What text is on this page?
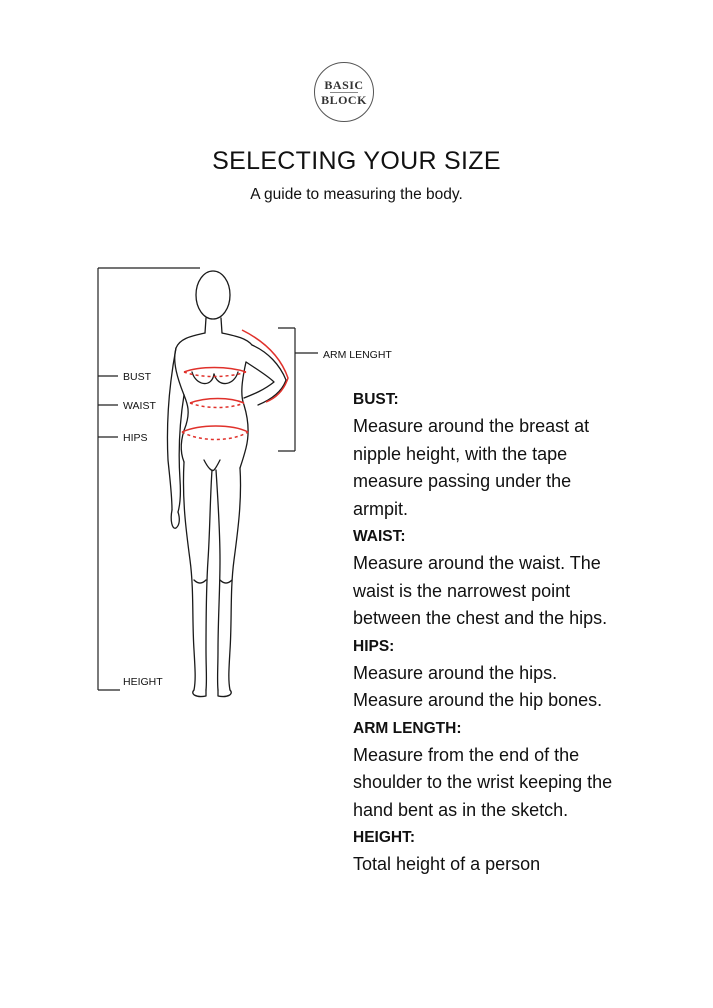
BASIC
BLOCK
SELECTING YOUR SIZE

A guide to measuring the body.

BUST
WAIST
HIPS
HEIGHT
ARM LENGHT
BUST:
Measure around the breast at
nipple height, with the tape
measure passing under the
armpit.
WAIST:
Measure around the waist. The
waist is the narrowest point
between the chest and the hips.
HIPS:
Measure around the hips.
Measure around the hip bones.
ARM LENGTH:
Measure from the end of the
shoulder to the wrist keeping the
hand bent as in the sketch.
HEIGHT:
Total height of a person
